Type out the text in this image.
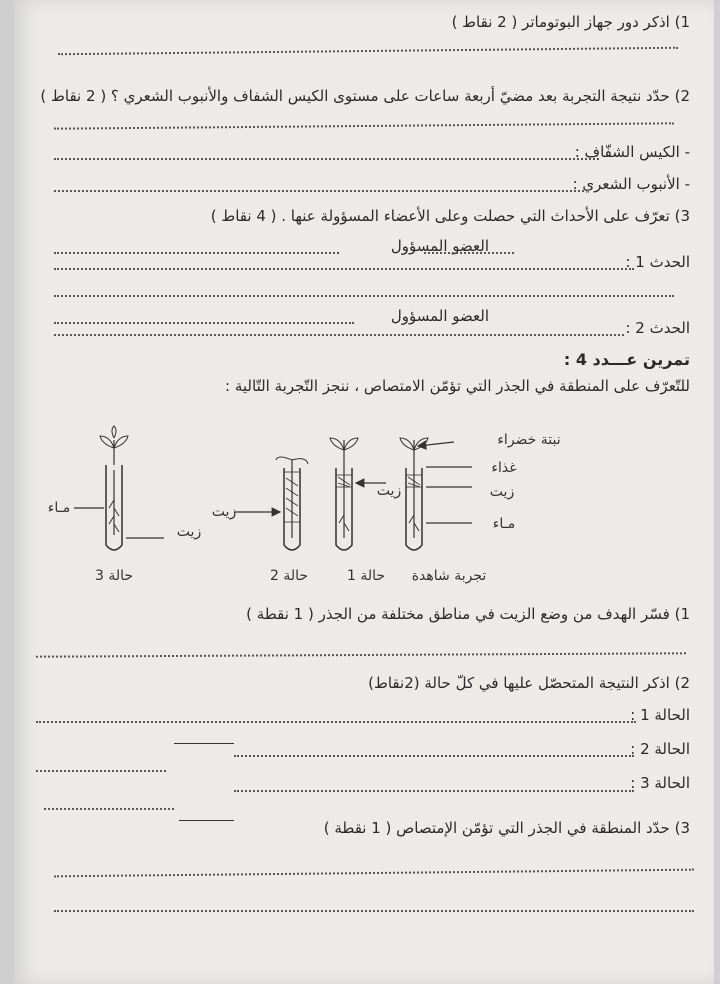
1) اذكر دور جهاز البوتوماتر ( 2 نقاط )
2) حدّد نتيجة التجربة بعد مضيّ أربعة ساعات على مستوى الكيس الشفاف والأنبوب الشعري ؟ ( 2 نقاط )
- الكيس الشفّاف :
- الأنبوب الشعري :
3) تعرّف على الأحداث التي حصلت وعلى الأعضاء المسؤولة عنها . ( 4 نقاط )
العضو المسؤول
الحدث 1 :
العضو المسؤول
الحدث 2 :
تمرين عـــدد 4 :
للتّعرّف على المنطقة في الجذر التي تؤمّن الامتصاص ، ننجز التّجربة التّالية :
مـاء
زيت
حالة 3
زيت
حالة 2
زيت
حالة 1
نبتة خضراء
غذاء
زيت
مـاء
تجربة شاهدة
1) فسّر الهدف من وضع الزيت في مناطق مختلفة من الجذر ( 1 نقطة )
2) اذكر النتيجة المتحصّل عليها في كلّ حالة (2نقاط)
الحالة 1 :
الحالة 2 :
الحالة 3 :
3) حدّد المنطقة في الجذر التي تؤمّن الإمتصاص ( 1 نقطة )
